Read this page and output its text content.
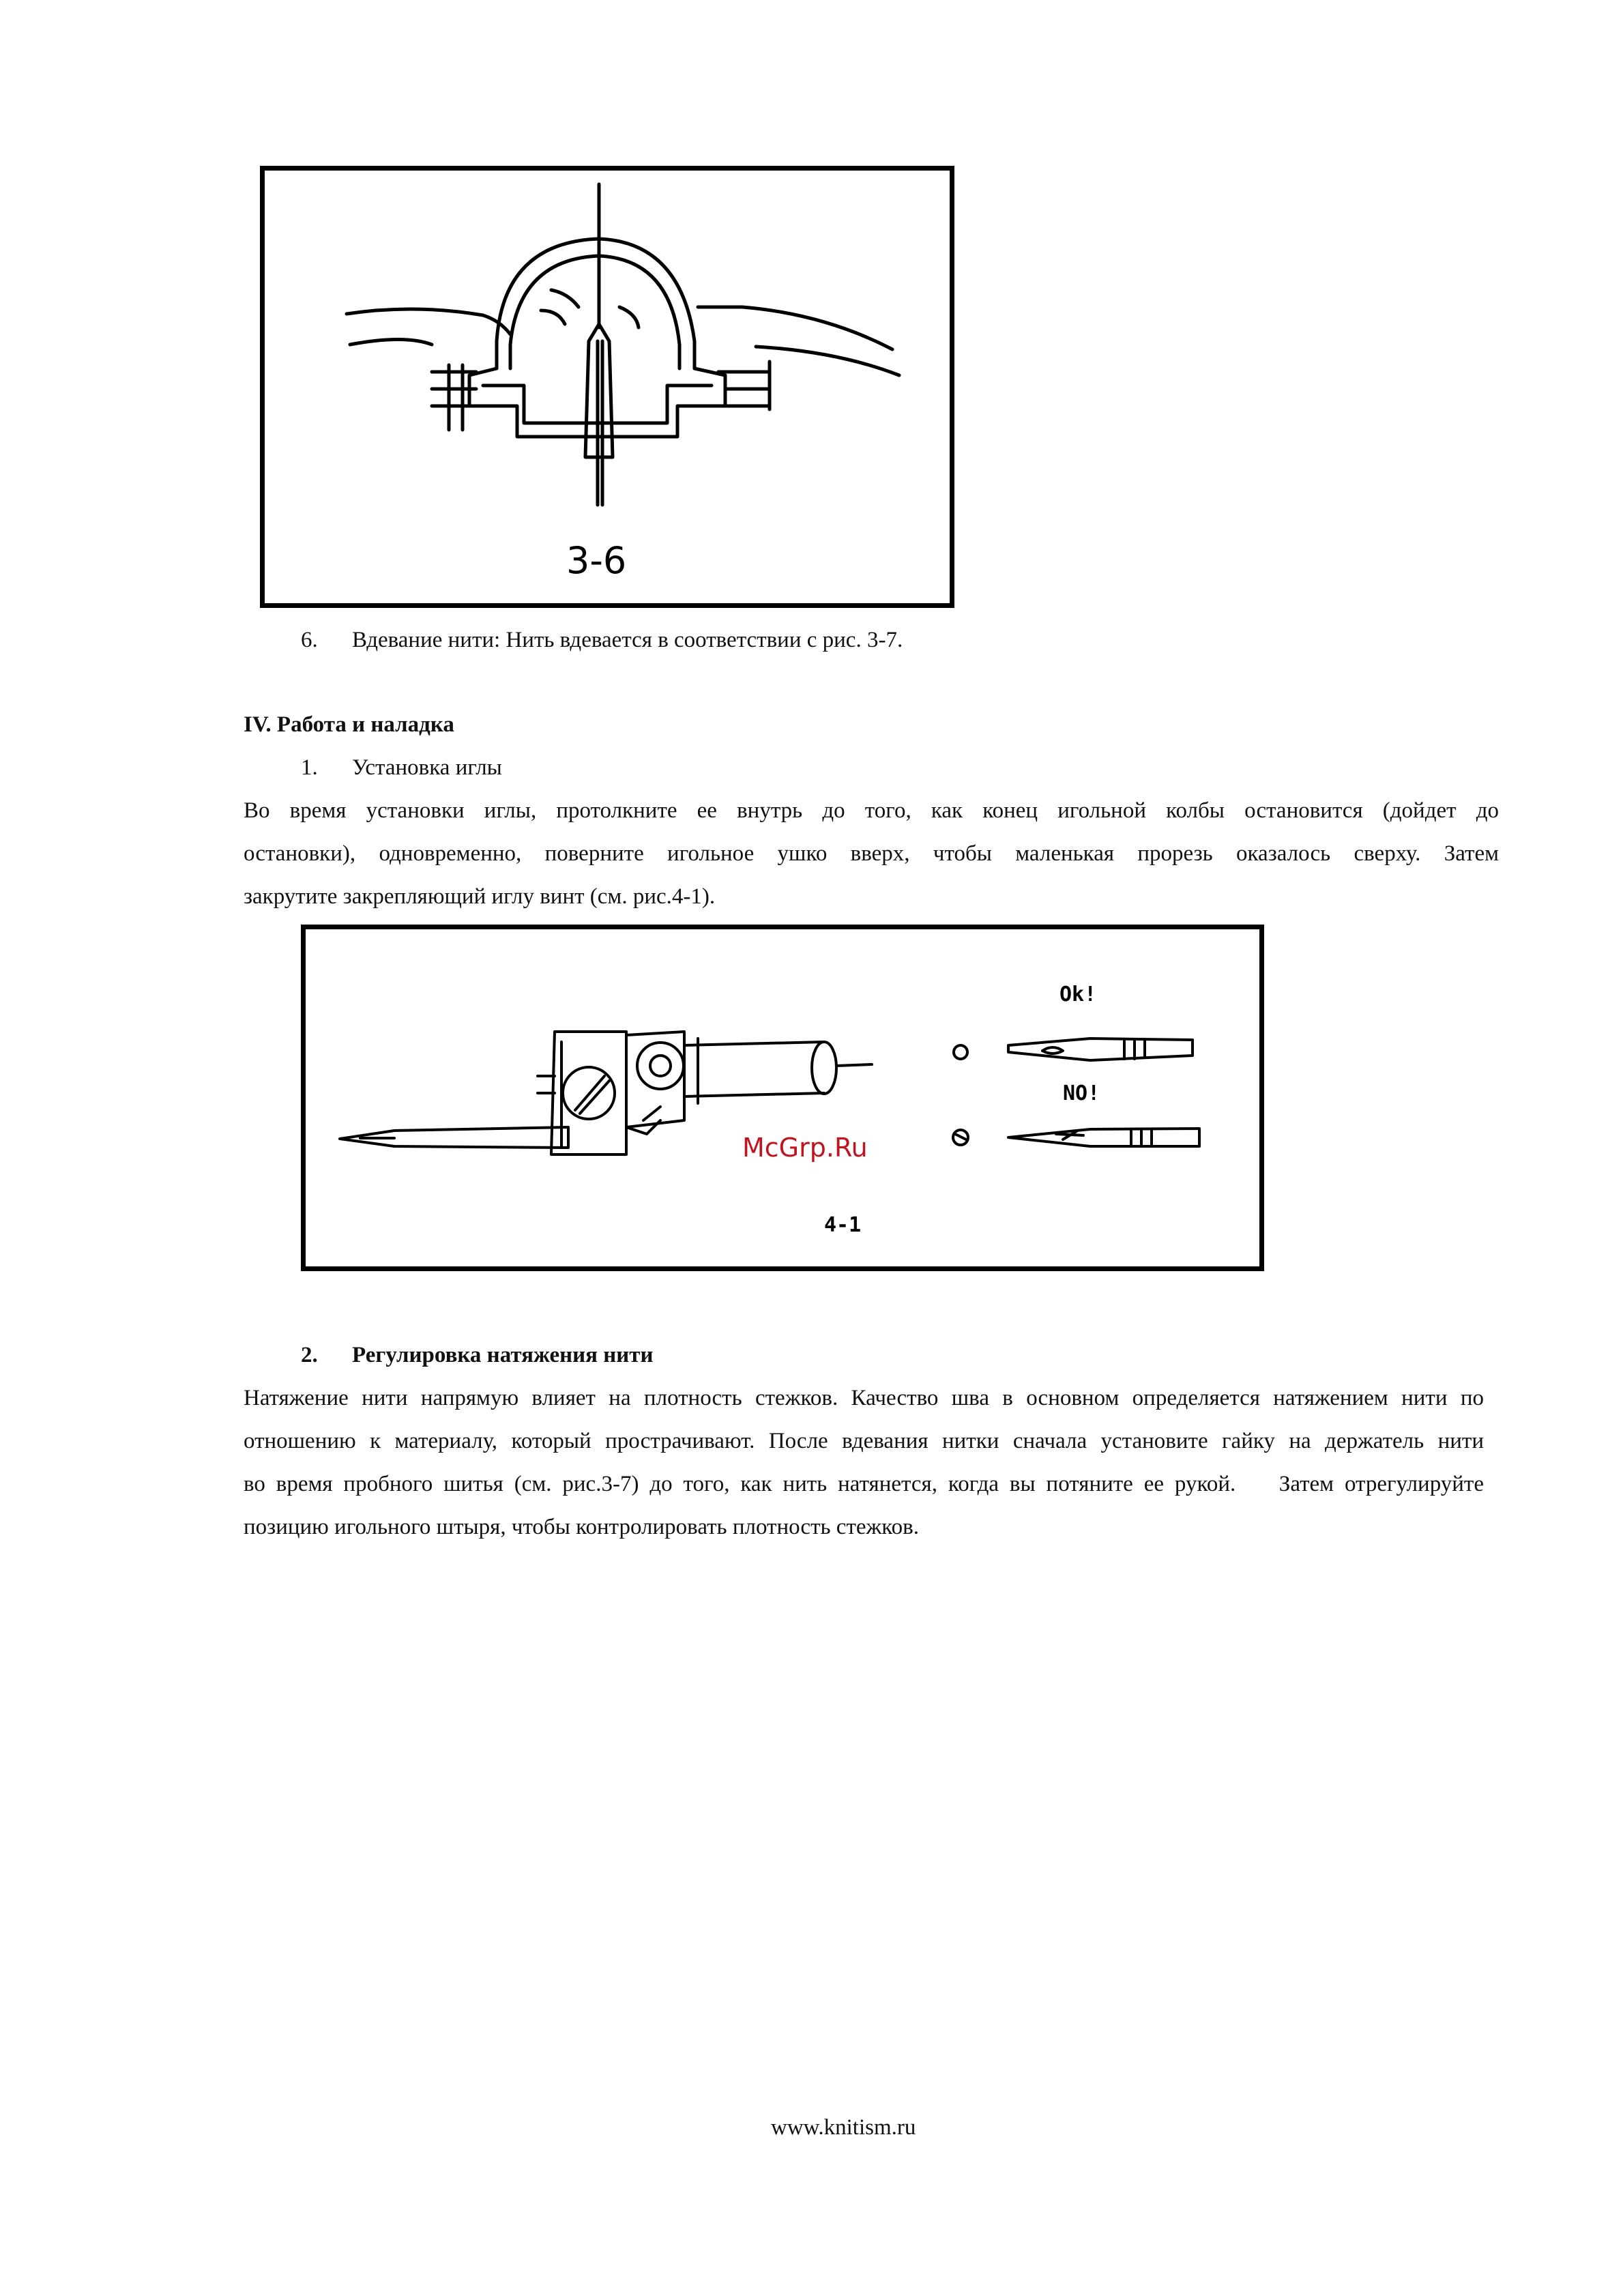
3-6
6. Вдевание нити: Нить вдевается в соответствии с рис. 3-7.
IV. Работа и наладка
1. Установка иглы
Во время установки иглы, протолкните ее внутрь до того, как конец игольной колбы остановится (дойдет до
остановки), одновременно, поверните игольное ушко вверх, чтобы маленькая прорезь оказалось сверху. Затем
закрутите закрепляющий иглу винт (см. рис.4-1).
Ok!
NO!
McGrp.Ru
4-1
2. Регулировка натяжения нити
Натяжение нити напрямую влияет на плотность стежков. Качество шва в основном определяется натяжением нити по
отношению к материалу, который прострачивают. После вдевания нитки сначала установите гайку на держатель нити
во время пробного шитья (см. рис.3-7) до того, как нить натянется, когда вы потяните ее рукой.    Затем отрегулируйте
позицию игольного штыря, чтобы контролировать плотность стежков.
www.knitism.ru
